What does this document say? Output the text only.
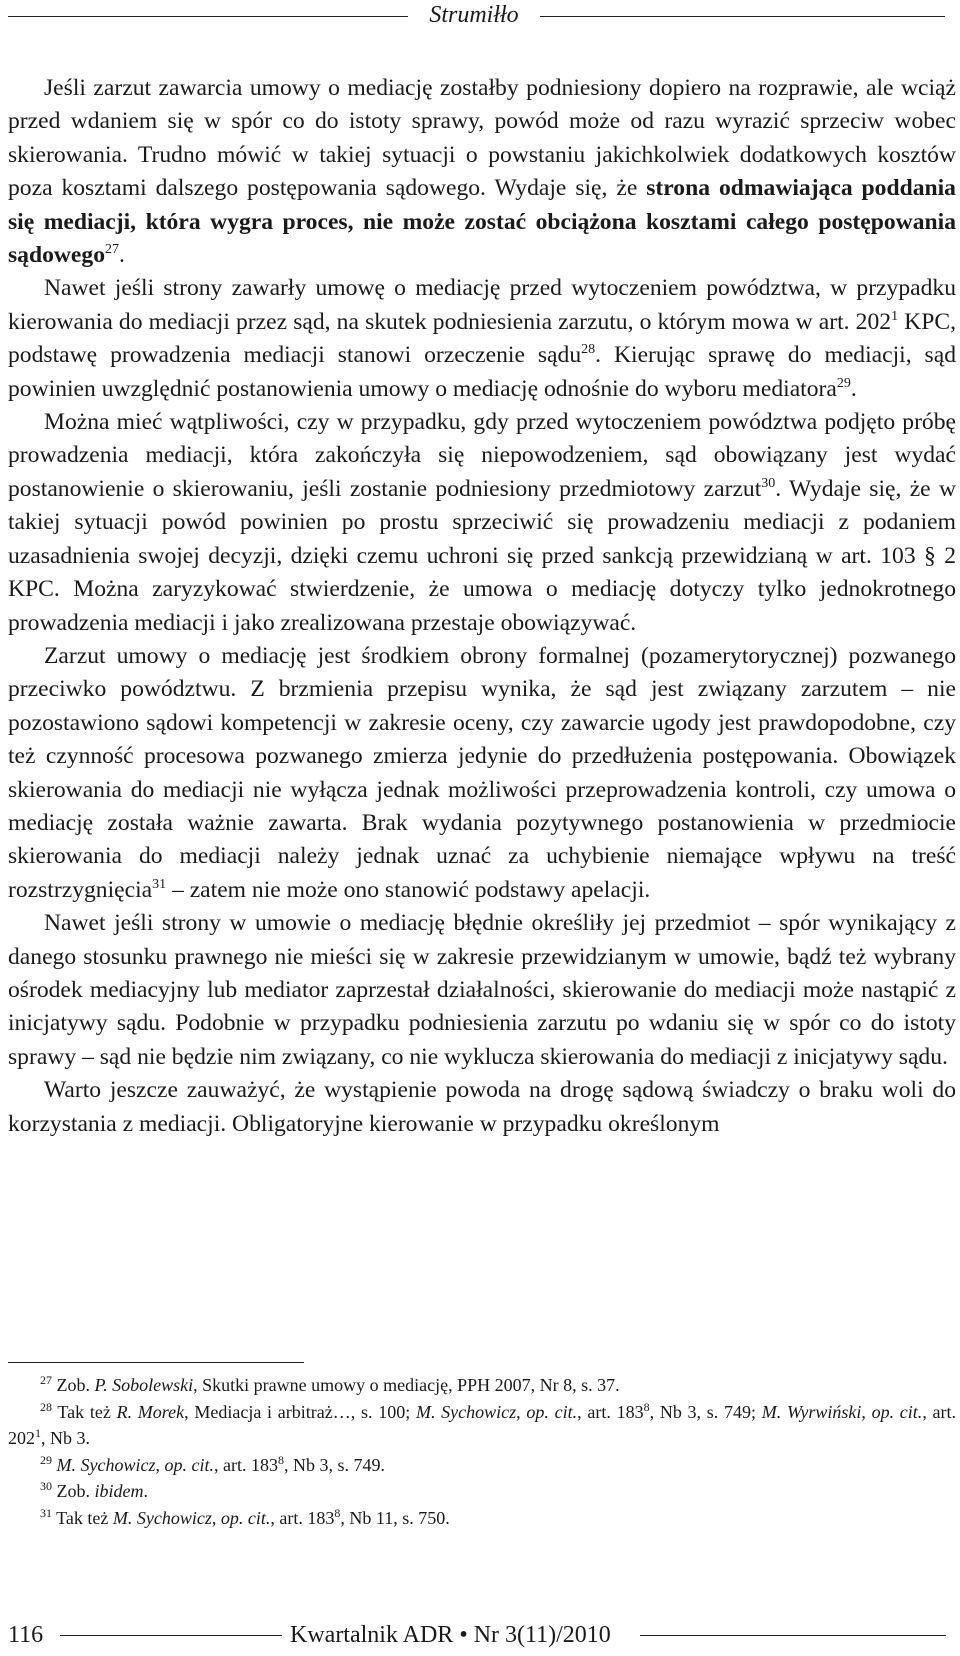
Strumiłło

Jeśli zarzut zawarcia umowy o mediację zostałby podniesiony dopiero na rozprawie, ale wciąż przed wdaniem się w spór co do istoty sprawy, powód może od razu wyrazić sprzeciw wobec skierowania. Trudno mówić w takiej sytuacji o powstaniu jakichkolwiek dodatkowych kosztów poza kosztami dalszego postępowania sądowego. Wydaje się, że strona odmawiająca poddania się mediacji, która wygra proces, nie może zostać obciążona kosztami całego postępowania sądowego$^{27}$.

Nawet jeśli strony zawarły umowę o mediację przed wytoczeniem powództwa, w przypadku kierowania do mediacji przez sąd, na skutek podniesienia zarzutu, o którym mowa w art. $202^1$ KPC, podstawę prowadzenia mediacji stanowi orzeczenie sądu$^{28}$. Kierując sprawę do mediacji, sąd powinien uwzględnić postanowienia umowy o mediację odnośnie do wyboru mediatora$^{29}$.

Można mieć wątpliwości, czy w przypadku, gdy przed wytoczeniem powództwa podjęto próbę prowadzenia mediacji, która zakończyła się niepowodzeniem, sąd obowiązany jest wydać postanowienie o skierowaniu, jeśli zostanie podniesiony przedmiotowy zarzut$^{30}$. Wydaje się, że w takiej sytuacji powód powinien po prostu sprzeciwić się prowadzeniu mediacji z podaniem uzasadnienia swojej decyzji, dzięki czemu uchroni się przed sankcją przewidzianą w art. 103 § 2 KPC. Można zaryzykować stwierdzenie, że umowa o mediację dotyczy tylko jednokrotnego prowadzenia mediacji i jako zrealizowana przestaje obowiązywać.

Zarzut umowy o mediację jest środkiem obrony formalnej (pozamerytorycznej) pozwanego przeciwko powództwu. Z brzmienia przepisu wynika, że sąd jest związany zarzutem – nie pozostawiono sądowi kompetencji w zakresie oceny, czy zawarcie ugody jest prawdopodobne, czy też czynność procesowa pozwanego zmierza jedynie do przedłużenia postępowania. Obowiązek skierowania do mediacji nie wyłącza jednak możliwości przeprowadzenia kontroli, czy umowa o mediację została ważnie zawarta. Brak wydania pozytywnego postanowienia w przedmiocie skierowania do mediacji należy jednak uznać za uchybienie niemające wpływu na treść rozstrzygnięcia$^{31}$ – zatem nie może ono stanowić podstawy apelacji.

Nawet jeśli strony w umowie o mediację błędnie określiły jej przedmiot – spór wynikający z danego stosunku prawnego nie mieści się w zakresie przewidzianym w umowie, bądź też wybrany ośrodek mediacyjny lub mediator zaprzestał działalności, skierowanie do mediacji może nastąpić z inicjatywy sądu. Podobnie w przypadku podniesienia zarzutu po wdaniu się w spór co do istoty sprawy – sąd nie będzie nim związany, co nie wyklucza skierowania do mediacji z inicjatywy sądu.

Warto jeszcze zauważyć, że wystąpienie powoda na drogę sądową świadczy o braku woli do korzystania z mediacji. Obligatoryjne kierowanie w przypadku określonym

$^{27}$ Zob. P. Sobolewski, Skutki prawne umowy o mediację, PPH 2007, Nr 8, s. 37.

$^{28}$ Tak też R. Morek, Mediacja i arbitraż…, s. 100; M. Sychowicz, op. cit., art. $183^8$, Nb 3, s. 749; M. Wyrwiński, op. cit., art. $202^1$, Nb 3.

$^{29}$ M. Sychowicz, op. cit., art. $183^8$, Nb 3, s. 749.

$^{30}$ Zob. ibidem.

$^{31}$ Tak też M. Sychowicz, op. cit., art. $183^8$, Nb 11, s. 750.

116	Kwartalnik ADR • Nr 3(11)/2010
